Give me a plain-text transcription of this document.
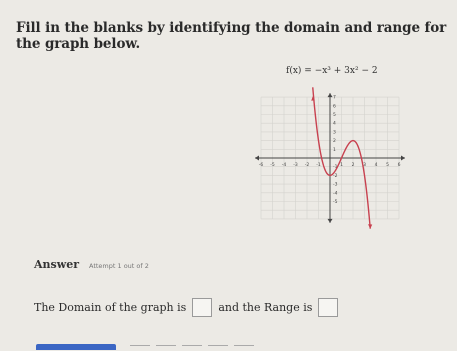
Fill in the blanks by identifying the domain and range for the graph below.
f(x) = −x³ + 3x² − 2
-6 -5 -4 -3 -2 -1	1 2 3 4 5 6
7
6
5
4
3
2
1
-1
-2
-3
-4
-5
Answer Attempt 1 out of 2
The Domain of the graph is	and the Range is
